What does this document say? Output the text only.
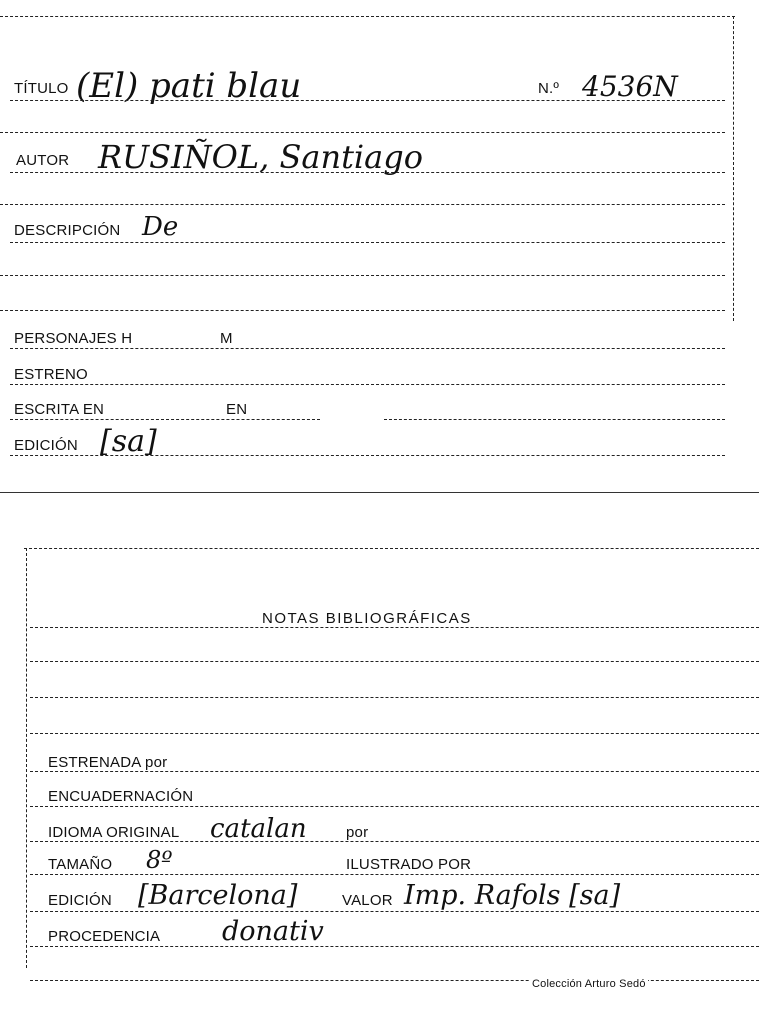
TÍTULO (El) pati blau	N.º 4536N
AUTOR RUSIÑOL, Santiago
DESCRIPCIÓN De
PERSONAJES H	M
ESTRENO
ESCRITA EN	EN
EDICIÓN [sa]
NOTAS BIBLIOGRÁFICAS
ESTRENADA por
ENCUADERNACIÓN
IDIOMA ORIGINAL catalan	por
TAMAÑO 8º	ILUSTRADO POR
EDICIÓN [Barcelona]	VALOR Imp. Rafols [sa]
PROCEDENCIA donativ
Colección Arturo Sedó
